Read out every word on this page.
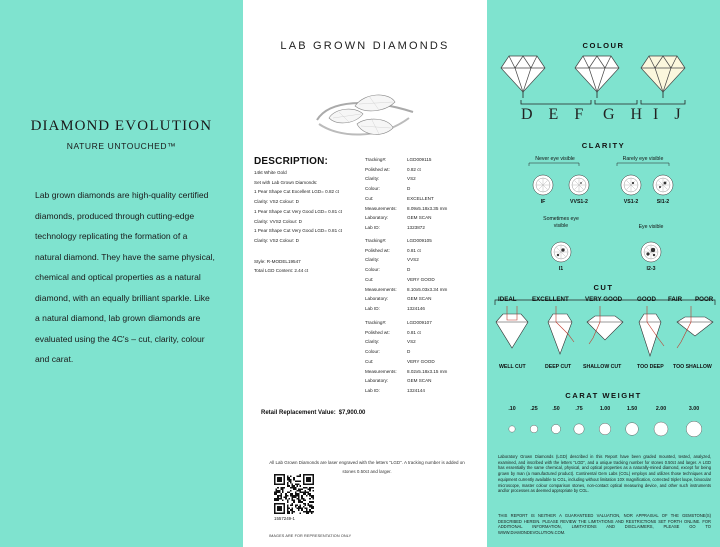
DIAMOND EVOLUTION
NATURE UNTOUCHED™

Lab grown diamonds are high-quality certified diamonds, produced through cutting-edge technology replicating the formation of a natural diamond. They have the same physical, chemical and optical properties as a natural diamond, with an equally brilliant sparkle. Like a natural diamond, lab grown diamonds are evaluated using the 4C's – cut, clarity, colour and carat.

LAB GROWN DIAMONDS
DESCRIPTION:
14kt White Gold
Set with Lab Grown Diamonds:
1 Pear Shape Cut Excellent LGD= 0.82 ct
Clarity: VS2 Colour: D
1 Pear Shape Cut Very Good LGD= 0.81 ct
Clarity: VVS2 Colour: D
1 Pear Shape Cut Very Good LGD= 0.81 ct
Clarity: VS2 Colour: D
Style: R-MODEL19547
Total LGD Content: 2.44 ct
Tracking#:	LGD009115
Polished wt:	0.82 ct
Clarity:	VS2
Colour:	D
Cut:	EXCELLENT
Measurements:	8.09x5.18x3.35 mm
Laboratory:	GEM SCAN
Lab ID:	1323872
Tracking#:	LGD009105
Polished wt:	0.81 ct
Clarity:	VVS2
Colour:	D
Cut:	VERY GOOD
Measurements:	8.10x5.03x3.34 mm
Laboratory:	GEM SCAN
Lab ID:	1324146
Tracking#:	LGD009107
Polished wt:	0.81 ct
Clarity:	VS2
Colour:	D
Cut:	VERY GOOD
Measurements:	8.02x5.18x3.15 mm
Laboratory:	GEM SCAN
Lab ID:	1324144
Retail Replacement Value: $7,900.00
All Lab Grown Diamonds are laser engraved with the letters "LGD". A tracking number is added on stones 0.50ct and larger.
1557249-1
IMAGES ARE FOR REPRESENTATION ONLY
COLOUR
D E F G H I J
CLARITY
Never eye visible	Rarely eye visible
Sometimes eye visible	Eye visible
IF	VVS1-2	VS1-2	SI1-2
I1	I2-3
CUT
IDEAL EXCELLENT	VERY GOOD GOOD FAIR POOR
WELL CUT	DEEP CUT SHALLOW CUT	TOO DEEP TOO SHALLOW
CARAT WEIGHT
.10	.25	.50	.75	1.00	1.50	2.00	3.00

Laboratory Grown Diamonds (LGD) described in this Report have been graded mounted, tested, analyzed, examined, and inscribed with the letters "LGD", and a unique tracking number for stones 0.50ct and larger. A LGD has essentially the same chemical, physical, and optical properties as a naturally-mined diamond, except for being grown by man (a manufactured product). Continental Gem Labs (CGL) employs and utilizes those techniques and equipment currently available to CGL, including without limitation 10X magnification, corrected triplet loupe, binocular microscope, master colour comparison stones, non-contact optical measuring device, and other such instruments and/or processes as deemed appropriate by CGL.

THIS REPORT IS NEITHER A GUARANTEED VALUATION, NOR APPRAISAL OF THE GEMSTONE(S) DESCRIBED HEREIN. PLEASE REVIEW THE LIMITATIONS AND RESTRICTIONS SET FORTH ONLINE. FOR ADDITIONAL INFORMATION, LIMITATIONS AND DISCLAIMERS, PLEASE GO TO WWW.DIAMONDEVOLUTION.COM.
